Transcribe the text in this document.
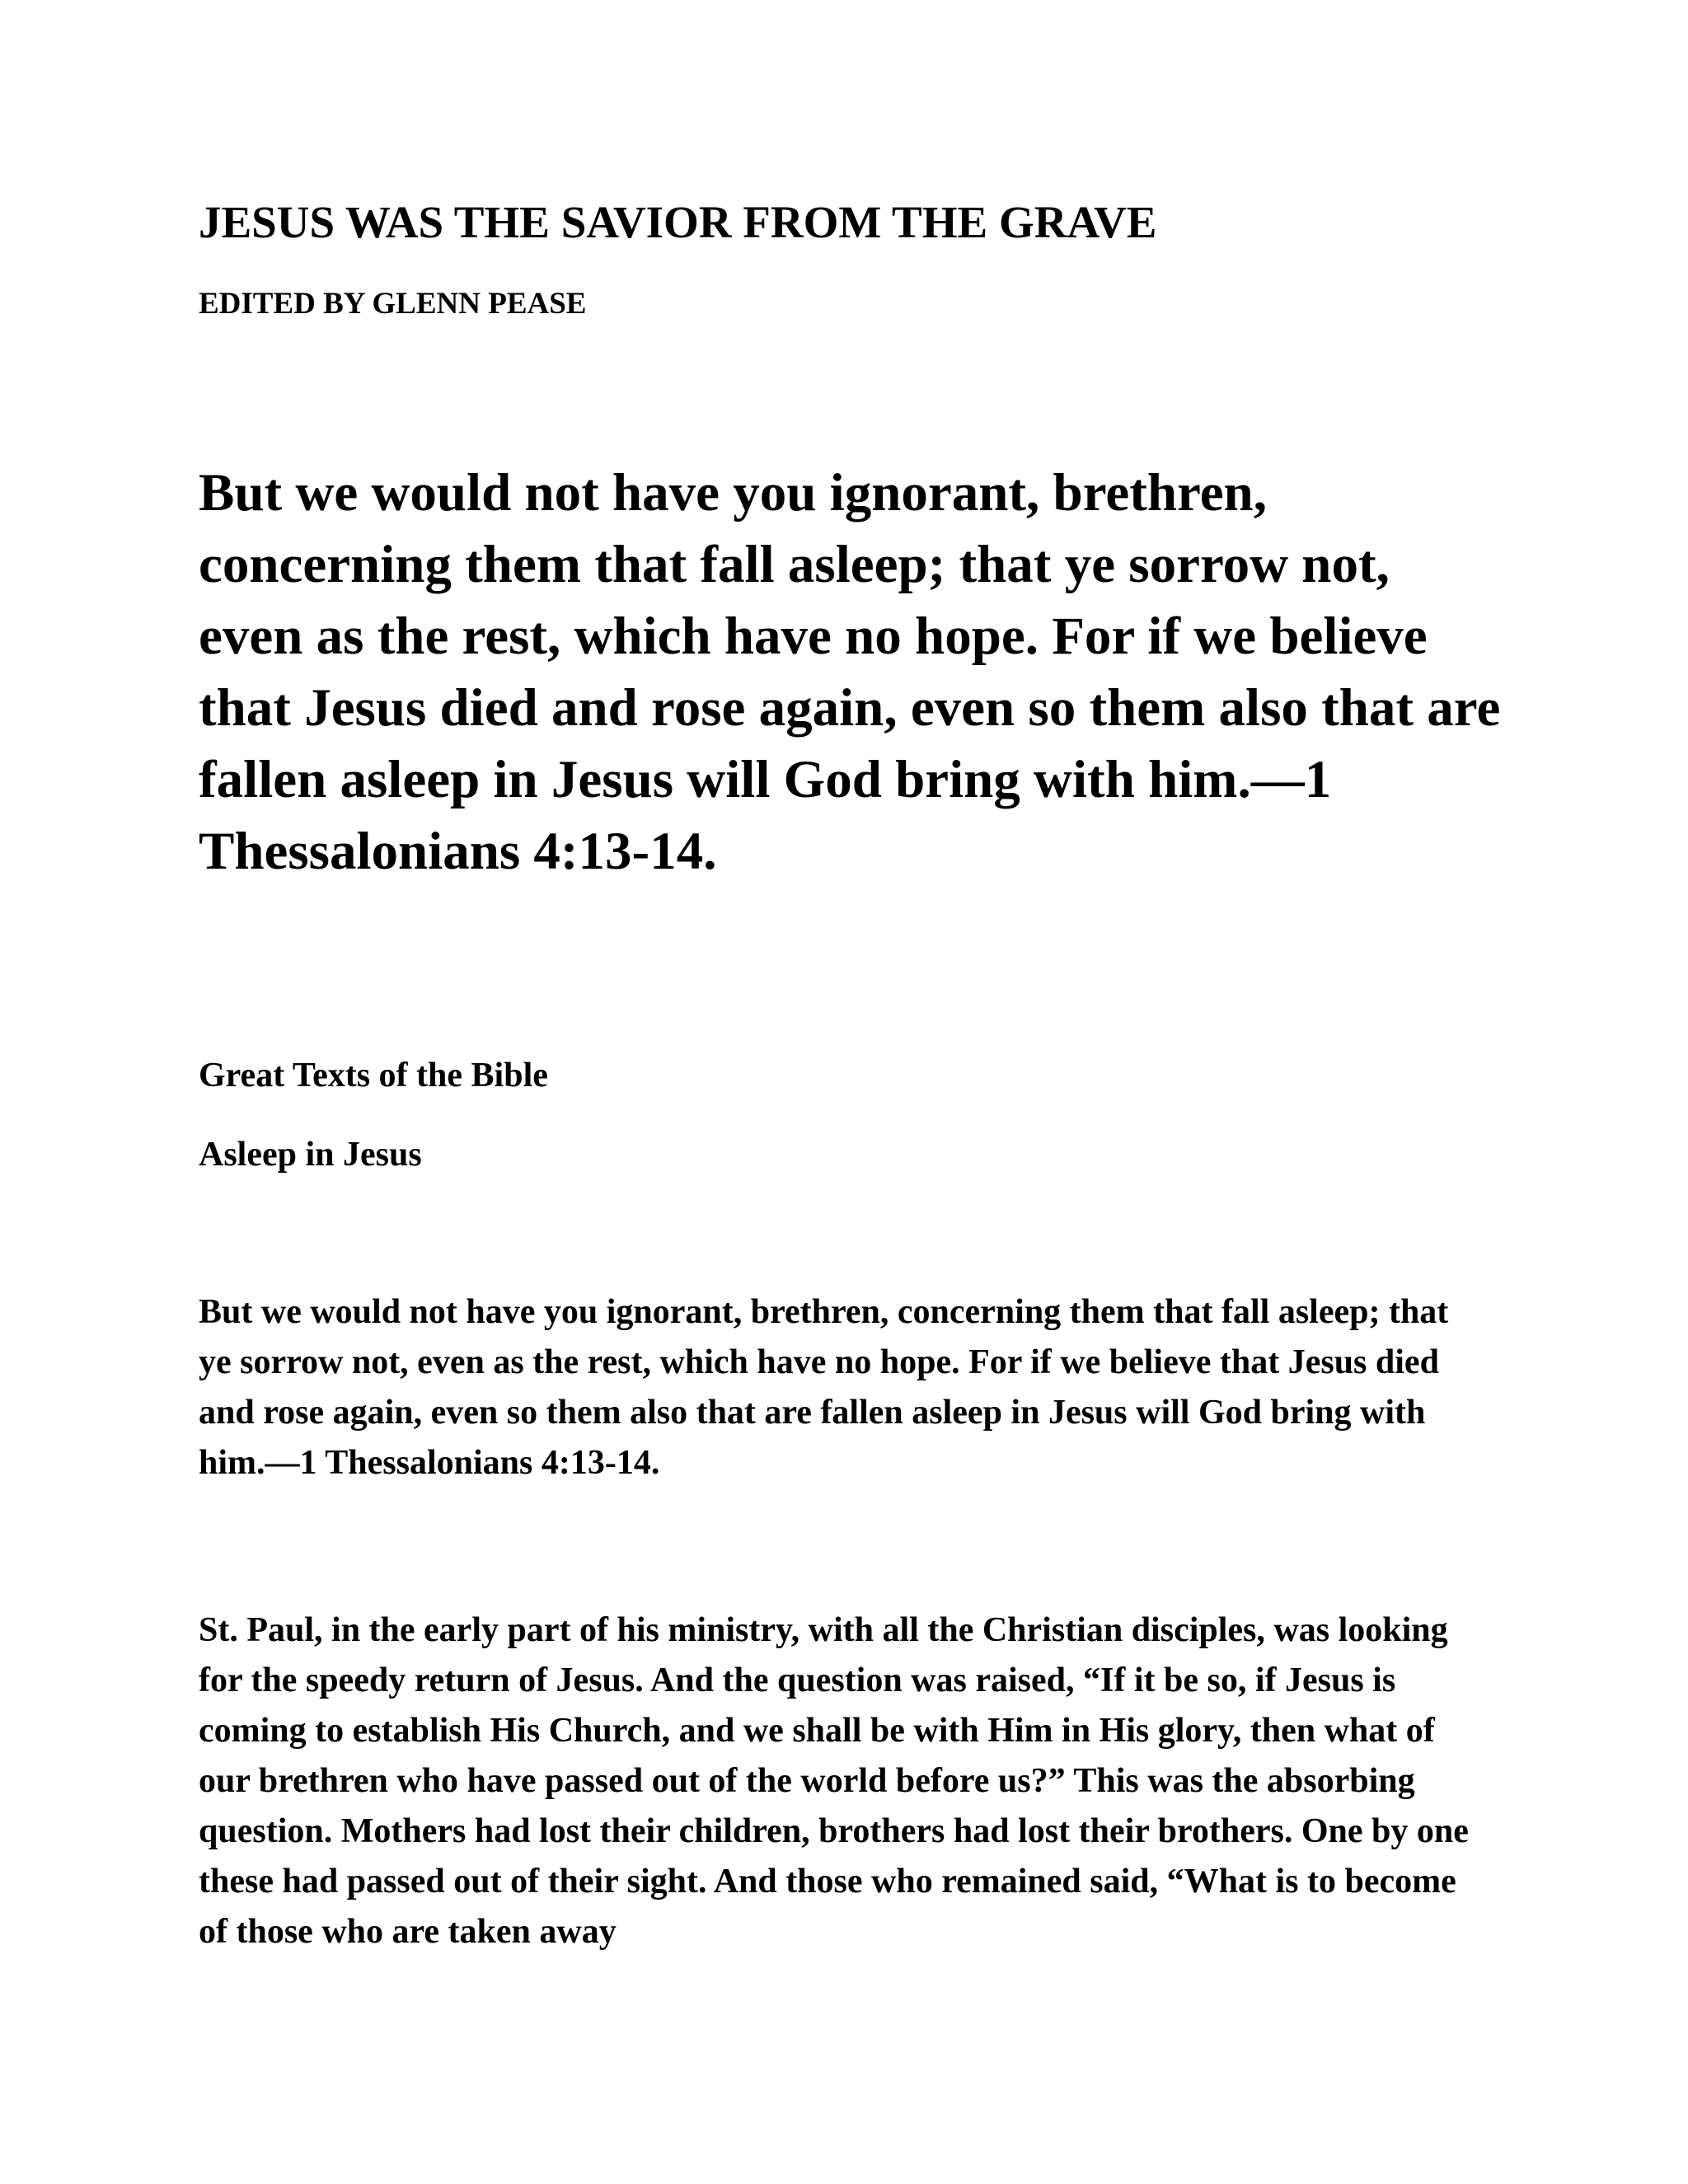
JESUS WAS THE SAVIOR FROM THE GRAVE
EDITED BY GLENN PEASE
But we would not have you ignorant, brethren, concerning them that fall asleep; that ye sorrow not, even as the rest, which have no hope. For if we believe that Jesus died and rose again, even so them also that are fallen asleep in Jesus will God bring with him.—1 Thessalonians 4:13-14.
Great Texts of the Bible
Asleep in Jesus

But we would not have you ignorant, brethren, concerning them that fall asleep; that ye sorrow not, even as the rest, which have no hope. For if we believe that Jesus died and rose again, even so them also that are fallen asleep in Jesus will God bring with him.—1 Thessalonians 4:13-14.

St. Paul, in the early part of his ministry, with all the Christian disciples, was looking for the speedy return of Jesus. And the question was raised, “If it be so, if Jesus is coming to establish His Church, and we shall be with Him in His glory, then what of our brethren who have passed out of the world before us?” This was the absorbing question. Mothers had lost their children, brothers had lost their brothers. One by one these had passed out of their sight. And those who remained said, “What is to become of those who are taken away
